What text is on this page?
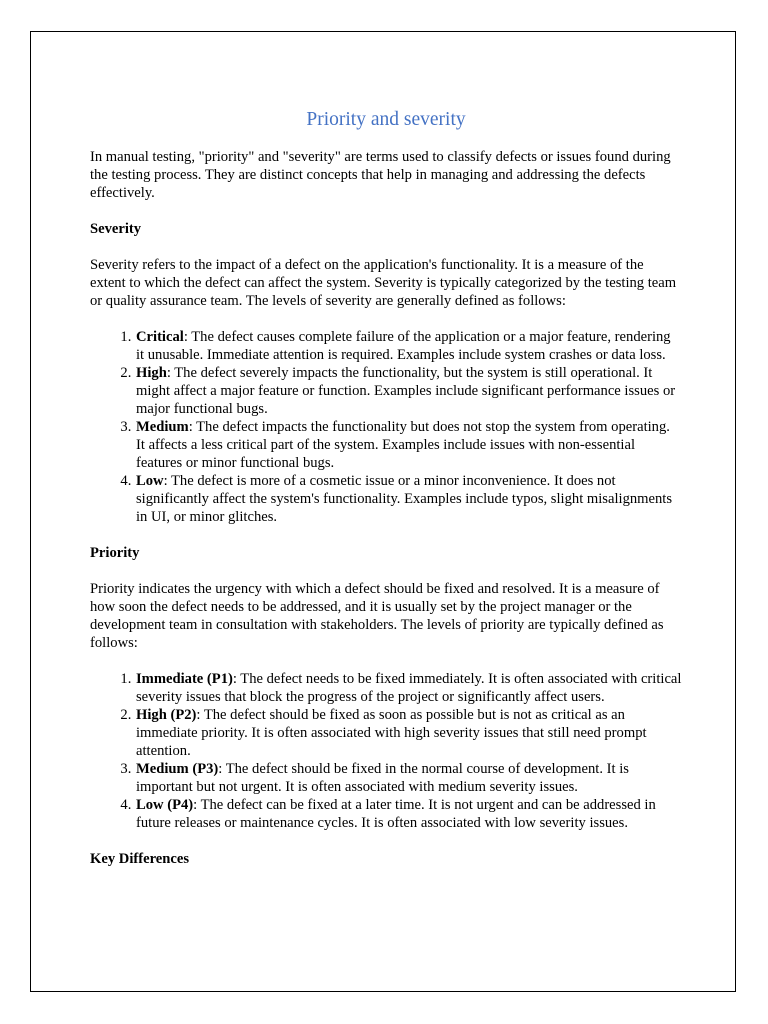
Priority and severity

In manual testing, "priority" and "severity" are terms used to classify defects or issues found during the testing process. They are distinct concepts that help in managing and addressing the defects effectively.

Severity

Severity refers to the impact of a defect on the application's functionality. It is a measure of the extent to which the defect can affect the system. Severity is typically categorized by the testing team or quality assurance team. The levels of severity are generally defined as follows:

1. Critical: The defect causes complete failure of the application or a major feature, rendering it unusable. Immediate attention is required. Examples include system crashes or data loss.
2. High: The defect severely impacts the functionality, but the system is still operational. It might affect a major feature or function. Examples include significant performance issues or major functional bugs.
3. Medium: The defect impacts the functionality but does not stop the system from operating. It affects a less critical part of the system. Examples include issues with non-essential features or minor functional bugs.
4. Low: The defect is more of a cosmetic issue or a minor inconvenience. It does not significantly affect the system's functionality. Examples include typos, slight misalignments in UI, or minor glitches.
Priority

Priority indicates the urgency with which a defect should be fixed and resolved. It is a measure of how soon the defect needs to be addressed, and it is usually set by the project manager or the development team in consultation with stakeholders. The levels of priority are typically defined as follows:

1. Immediate (P1): The defect needs to be fixed immediately. It is often associated with critical severity issues that block the progress of the project or significantly affect users.
2. High (P2): The defect should be fixed as soon as possible but is not as critical as an immediate priority. It is often associated with high severity issues that still need prompt attention.
3. Medium (P3): The defect should be fixed in the normal course of development. It is important but not urgent. It is often associated with medium severity issues.
4. Low (P4): The defect can be fixed at a later time. It is not urgent and can be addressed in future releases or maintenance cycles. It is often associated with low severity issues.
Key Differences
